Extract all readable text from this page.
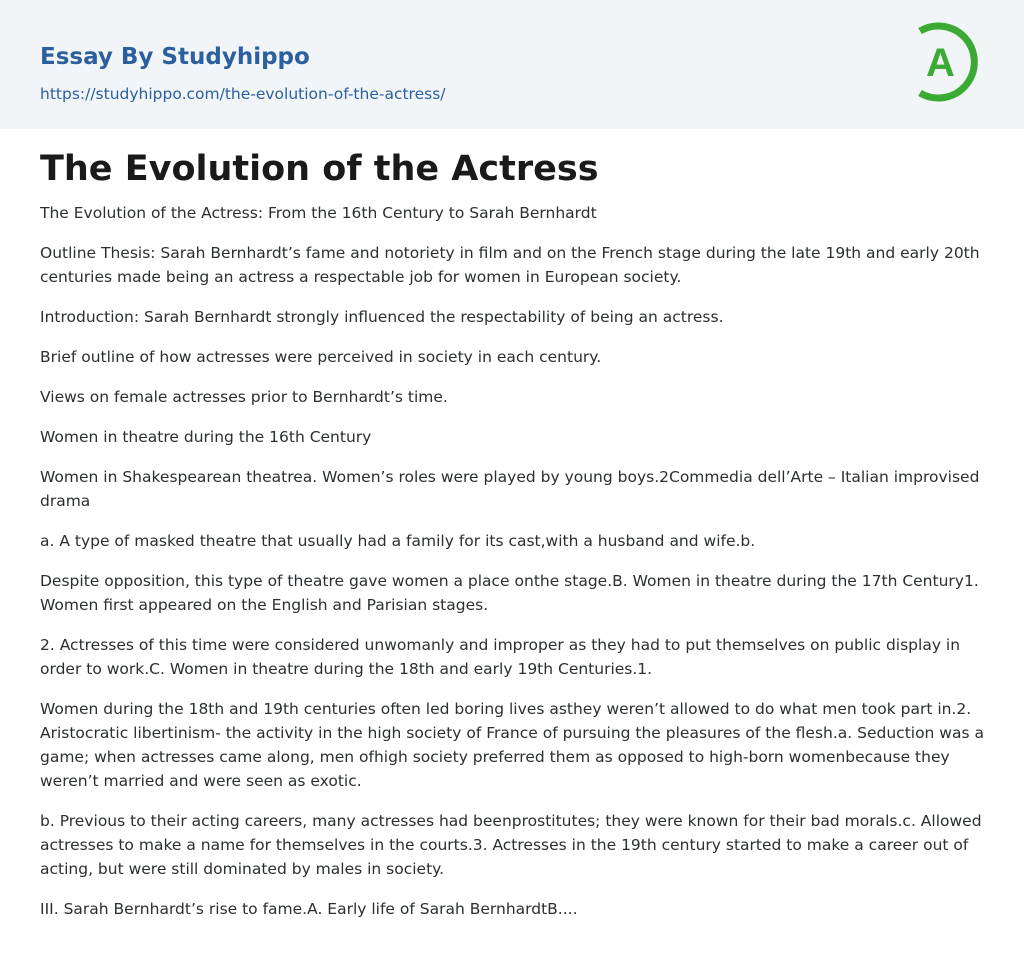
Essay By Studyhippo
https://studyhippo.com/the-evolution-of-the-actress/
A
The Evolution of the Actress

The Evolution of the Actress: From the 16th Century to Sarah Bernhardt

Outline Thesis: Sarah Bernhardt’s fame and notoriety in film and on the French stage during the late 19th and early 20th centuries made being an actress a respectable job for women in European society.

Introduction: Sarah Bernhardt strongly influenced the respectability of being an actress.

Brief outline of how actresses were perceived in society in each century.

Views on female actresses prior to Bernhardt’s time.

Women in theatre during the 16th Century

Women in Shakespearean theatrea. Women’s roles were played by young boys.2Commedia dell’Arte – Italian improvised drama

a. A type of masked theatre that usually had a family for its cast,with a husband and wife.b.

Despite opposition, this type of theatre gave women a place onthe stage.B. Women in theatre during the 17th Century1. Women first appeared on the English and Parisian stages.

2. Actresses of this time were considered unwomanly and improper as they had to put themselves on public display in order to work.C. Women in theatre during the 18th and early 19th Centuries.1.

Women during the 18th and 19th centuries often led boring lives asthey weren’t allowed to do what men took part in.2. Aristocratic libertinism- the activity in the high society of France of pursuing the pleasures of the flesh.a. Seduction was a game; when actresses came along, men ofhigh society preferred them as opposed to high-born womenbecause they weren’t married and were seen as exotic.

b. Previous to their acting careers, many actresses had beenprostitutes; they were known for their bad morals.c. Allowed actresses to make a name for themselves in the courts.3. Actresses in the 19th century started to make a career out of acting, but were still dominated by males in society.

III. Sarah Bernhardt’s rise to fame.A. Early life of Sarah BernhardtB....
